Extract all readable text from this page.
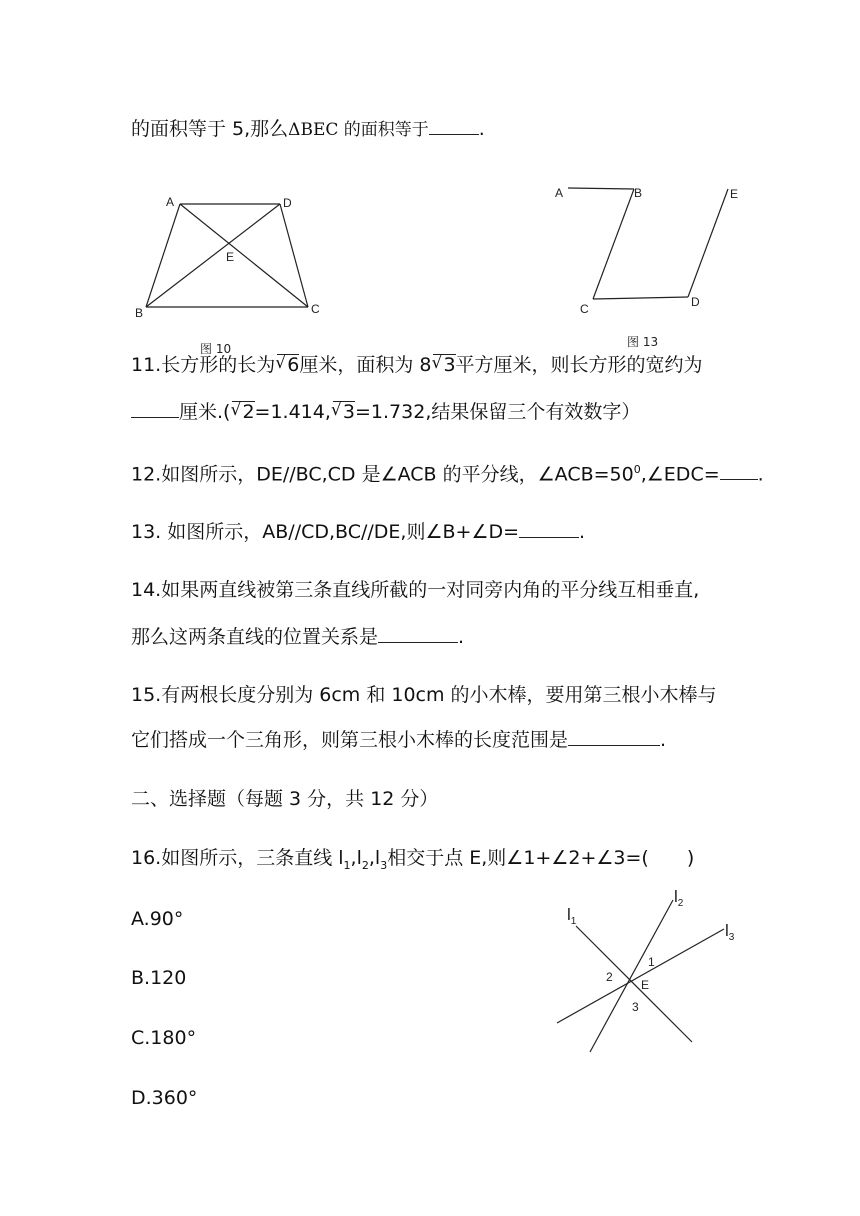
的面积等于 5,那么ΔBEC 的面积等于	.

A	D
E
B	C
图 10
A	B	E
C	D
图 13

11.长方形的长为 √ 6厘米，面积为 8 √ 3平方厘米，则长方形的宽约为

厘米.( √ 2=1.414, √ 3=1.732,结果保留三个有效数字）

12.如图所示，DE//BC,CD 是∠ACB 的平分线，$\angle ACB=50^0,\angle EDC=$ .

13. 如图所示，AB//CD,BC//DE,则∠B+∠D=	.

14.如果两直线被第三条直线所截的一对同旁内角的平分线互相垂直,

那么这两条直线的位置关系是	.

15.有两根长度分别为 6cm 和 10cm 的小木棒，要用第三根小木棒与

它们搭成一个三角形，则第三根小木棒的长度范围是	.

二、选择题（每题 3 分，共 12 分）

16.如图所示，三条直线 $l_1,l_2,l_3$相交于点 E,则∠1+∠2+∠3=( )

A.90°

B.120

C.180°

D.360°

$l_1$
$l_2$
$l_3$
1
2
E
3
